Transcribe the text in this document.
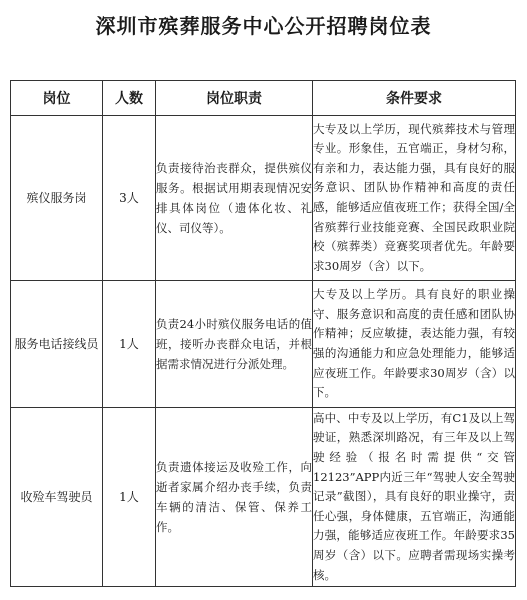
深圳市殡葬服务中心公开招聘岗位表
岗位	人数	岗位职责	条件要求
殡仪服务岗	3人	负责接待治丧群众，提供殡仪服务。根据试用期表现情况安排具体岗位（遗体化妆、礼仪、司仪等）。	大专及以上学历，现代殡葬技术与管理专业。形象佳，五官端正，身材匀称，有亲和力，表达能力强，具有良好的服务意识、团队协作精神和高度的责任感，能够适应值夜班工作；获得全国/全省殡葬行业技能竞赛、全国民政职业院校（殡葬类）竞赛奖项者优先。年龄要求30周岁（含）以下。
服务电话接线员	1人	负责24小时殡仪服务电话的值班，接听办丧群众电话，并根据需求情况进行分派处理。	大专及以上学历。具有良好的职业操守、服务意识和高度的责任感和团队协作精神；反应敏捷，表达能力强，有较强的沟通能力和应急处理能力，能够适应夜班工作。年龄要求30周岁（含）以下。
收殓车驾驶员	1人	负责遗体接运及收殓工作，向逝者家属介绍办丧手续，负责车辆的清洁、保管、保养工作。	高中、中专及以上学历，有C1及以上驾驶证，熟悉深圳路况，有三年及以上驾驶经验（报名时需提供“交管12123”APP内近三年“驾驶人安全驾驶记录”截图），具有良好的职业操守，责任心强，身体健康，五官端正，沟通能力强，能够适应夜班工作。年龄要求35周岁（含）以下。应聘者需现场实操考核。
